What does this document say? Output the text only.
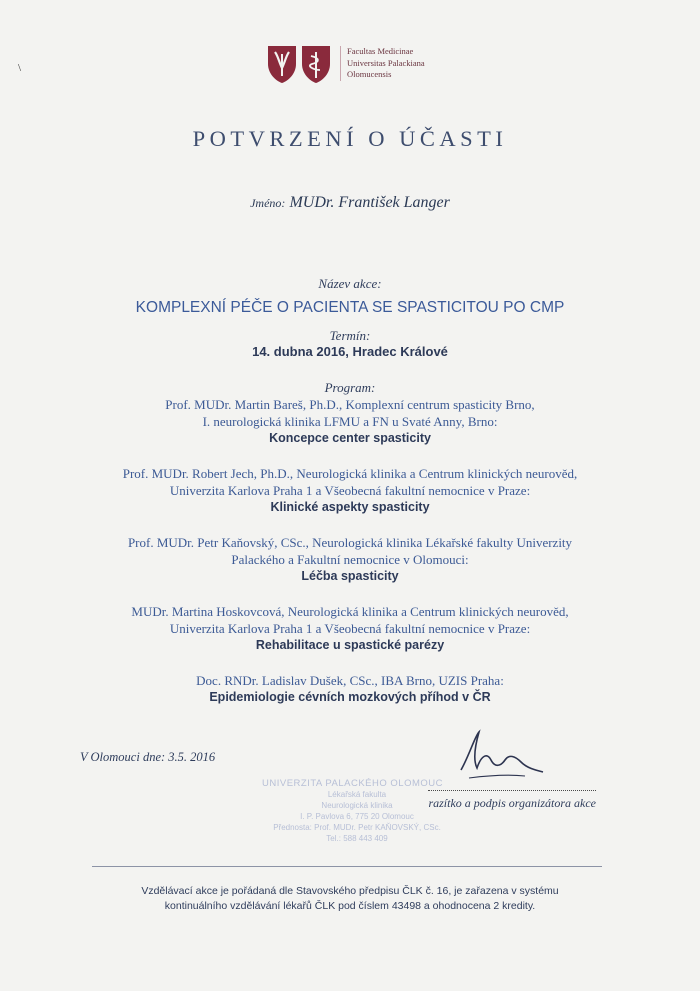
\
Facultas Medicinae
Universitas Palackiana
Olomucensis
POTVRZENÍ O ÚČASTI
Jméno: MUDr. František Langer
Název akce:
KOMPLEXNÍ PÉČE O PACIENTA SE SPASTICITOU PO CMP
Termín:
14. dubna 2016, Hradec Králové
Program:
Prof. MUDr. Martin Bareš, Ph.D., Komplexní centrum spasticity Brno,
I. neurologická klinika LFMU a FN u Svaté Anny, Brno:
Koncepce center spasticity
Prof. MUDr. Robert Jech, Ph.D., Neurologická klinika a Centrum klinických neurověd,
Univerzita Karlova Praha 1 a Všeobecná fakultní nemocnice v Praze:
Klinické aspekty spasticity
Prof. MUDr. Petr Kaňovský, CSc., Neurologická klinika Lékařské fakulty Univerzity
Palackého a Fakultní nemocnice v Olomouci:
Léčba spasticity
MUDr. Martina Hoskovcová, Neurologická klinika a Centrum klinických neurověd,
Univerzita Karlova Praha 1 a Všeobecná fakultní nemocnice v Praze:
Rehabilitace u spastické parézy
Doc. RNDr. Ladislav Dušek, CSc., IBA Brno, UZIS Praha:
Epidemiologie cévních mozkových příhod v ČR
V Olomouci dne: 3.5. 2016
UNIVERZITA PALACKÉHO OLOMOUC
Lékařská fakulta
Neurologická klinika
I. P. Pavlova 6, 775 20 Olomouc
Přednosta: Prof. MUDr. Petr KAŇOVSKÝ, CSc.
Tel.: 588 443 409
razítko a podpis organizátora akce
Vzdělávací akce je pořádaná dle Stavovského předpisu ČLK č. 16, je zařazena v systému
kontinuálního vzdělávání lékařů ČLK pod číslem 43498 a ohodnocena 2 kredity.
